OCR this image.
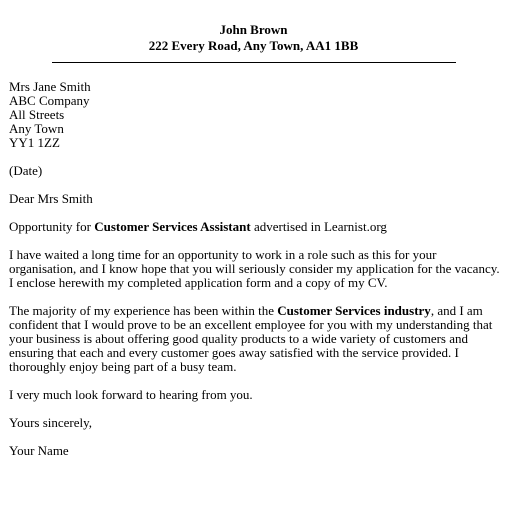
John Brown
222 Every Road, Any Town, AA1 1BB
Mrs Jane Smith
ABC Company
All Streets
Any Town
YY1 1ZZ

(Date)

Dear Mrs Smith

Opportunity for Customer Services Assistant advertised in Learnist.org

I have waited a long time for an opportunity to work in a role such as this for your organisation, and I know hope that you will seriously consider my application for the vacancy. I enclose herewith my completed application form and a copy of my CV.

The majority of my experience has been within the Customer Services industry, and I am confident that I would prove to be an excellent employee for you with my understanding that your business is about offering good quality products to a wide variety of customers and ensuring that each and every customer goes away satisfied with the service provided. I thoroughly enjoy being part of a busy team.

I very much look forward to hearing from you.

Yours sincerely,

Your Name
